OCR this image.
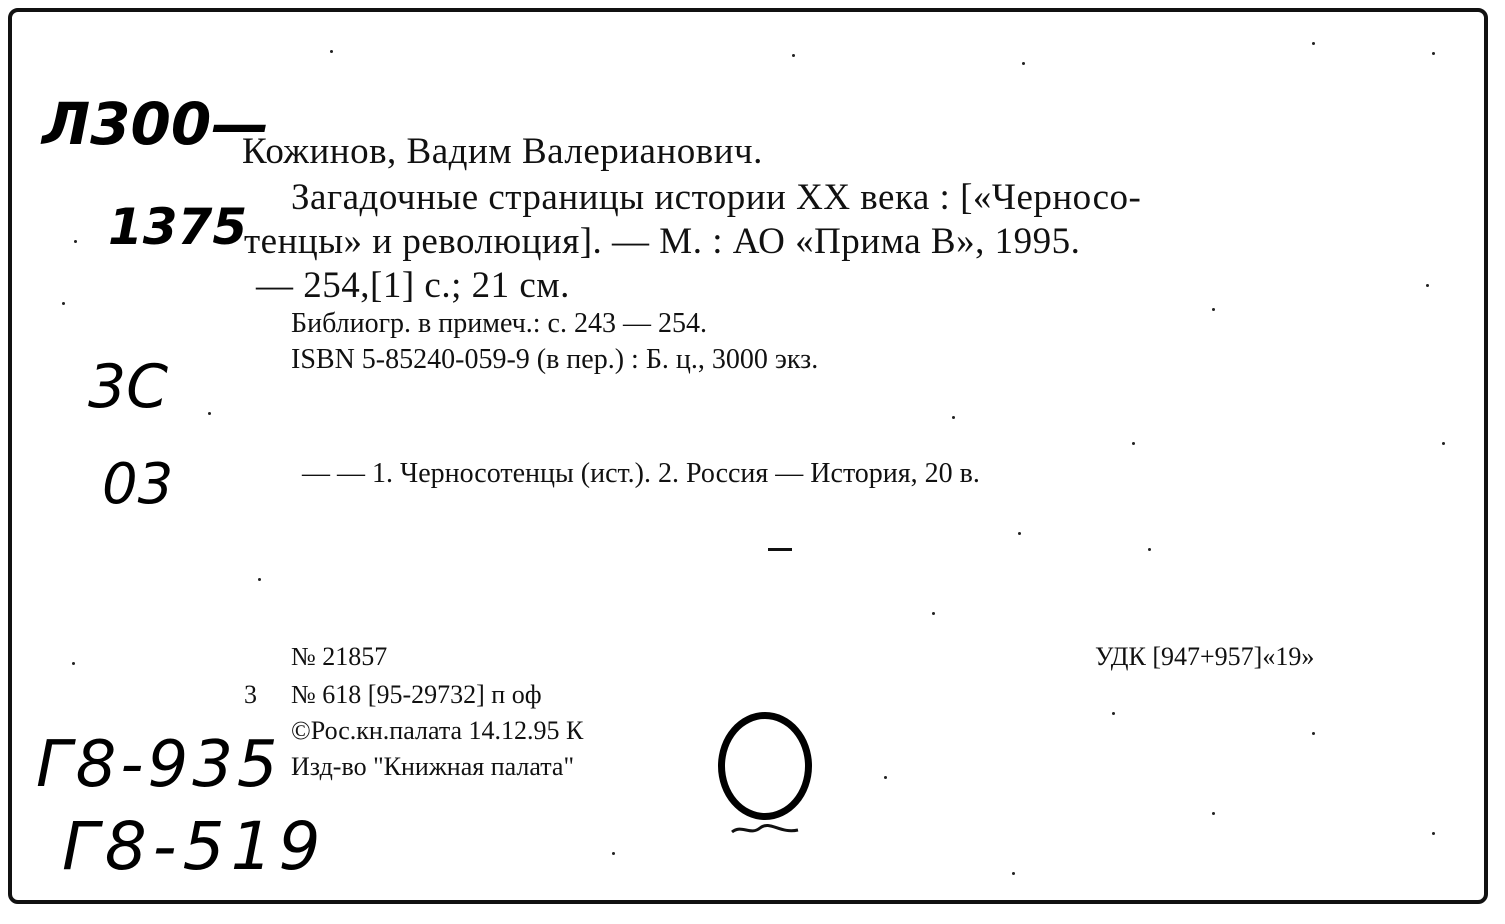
Кожинов, Вадим Валерианович.
Загадочные страницы истории XX века : [«Черносо-
тенцы» и революция]. — М. : АО «Прима В», 1995.
— 254,[1] с.; 21 см.
Библиогр. в примеч.: с. 243 — 254.
ISBN 5-85240-059-9 (в пер.) : Б. ц., 3000 экз.
— — 1. Черносотенцы (ист.). 2. Россия — История, 20 в.
№ 21857	УДК [947+957]«19»
3 № 618 [95-29732] п оф
©Рос.кн.палата 14.12.95 К
Изд-во "Книжная палата"
Л300—
1375
3С
03
Г8-935
Г8-519
